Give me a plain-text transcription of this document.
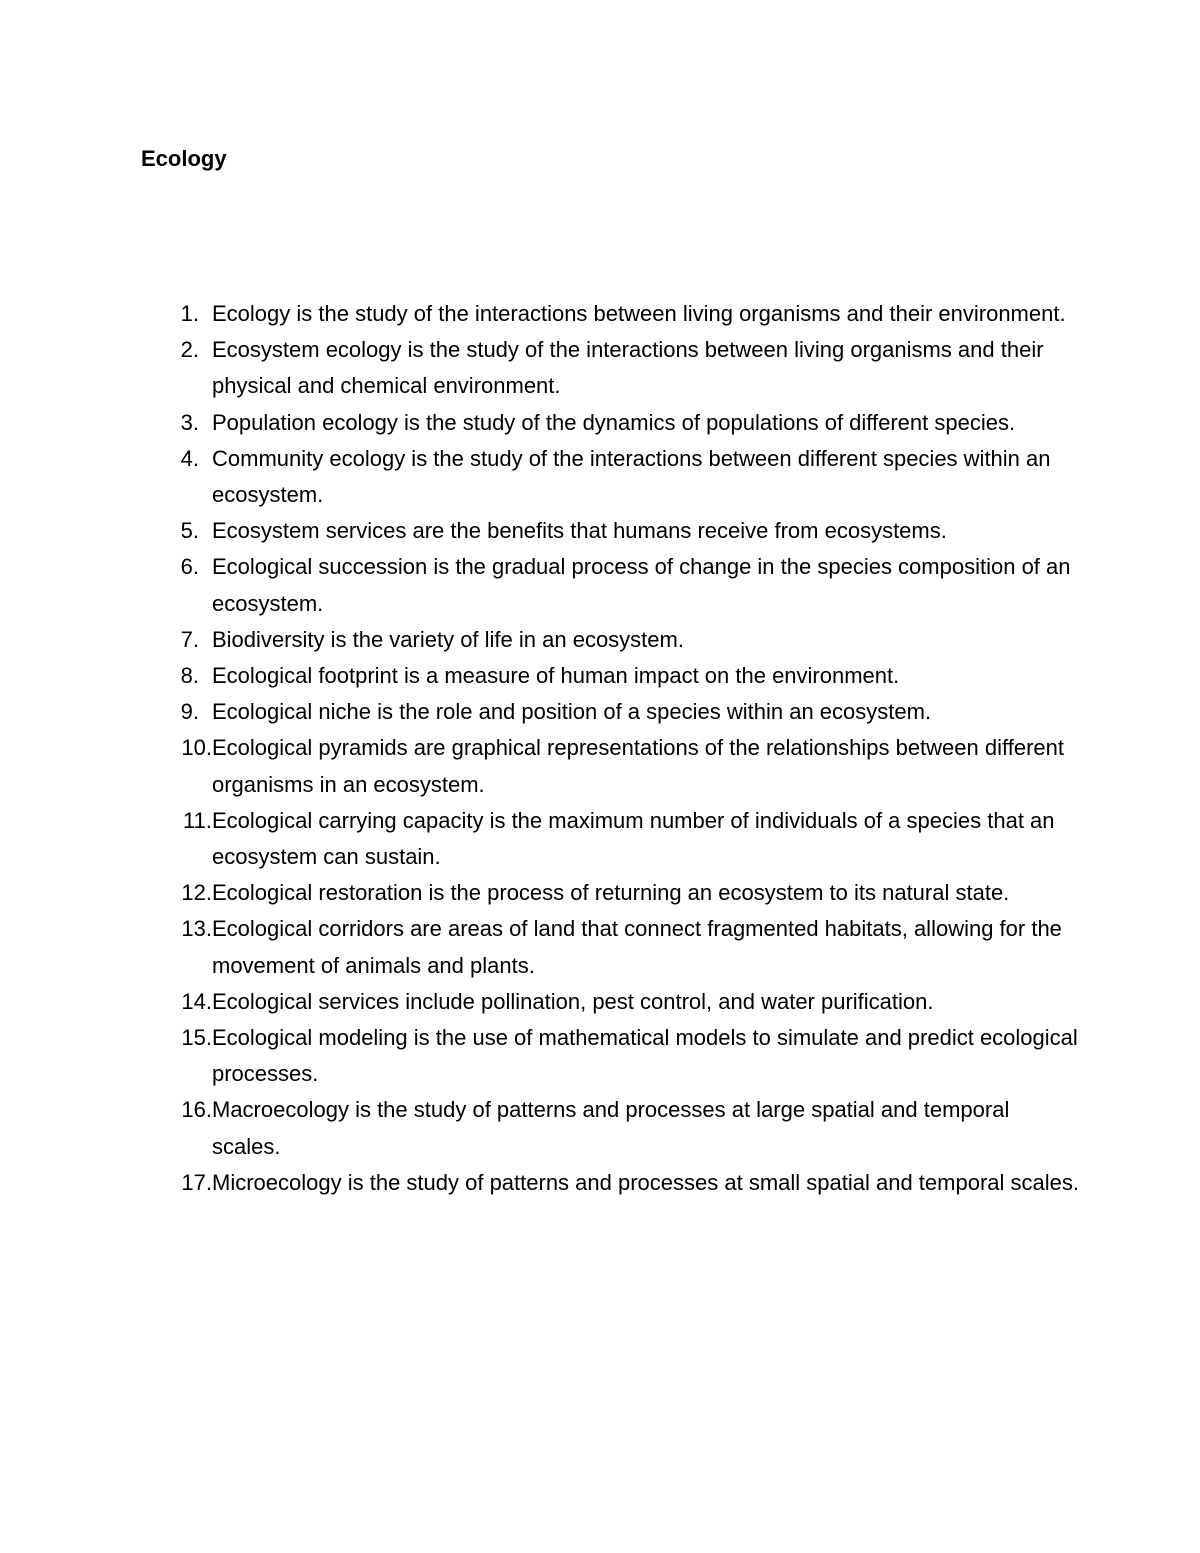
Ecology
1. Ecology is the study of the interactions between living organisms and their environment.
2. Ecosystem ecology is the study of the interactions between living organisms and their physical and chemical environment.
3. Population ecology is the study of the dynamics of populations of different species.
4. Community ecology is the study of the interactions between different species within an ecosystem.
5. Ecosystem services are the benefits that humans receive from ecosystems.
6. Ecological succession is the gradual process of change in the species composition of an ecosystem.
7. Biodiversity is the variety of life in an ecosystem.
8. Ecological footprint is a measure of human impact on the environment.
9. Ecological niche is the role and position of a species within an ecosystem.
10. Ecological pyramids are graphical representations of the relationships between different organisms in an ecosystem.
11. Ecological carrying capacity is the maximum number of individuals of a species that an ecosystem can sustain.
12. Ecological restoration is the process of returning an ecosystem to its natural state.
13. Ecological corridors are areas of land that connect fragmented habitats, allowing for the movement of animals and plants.
14. Ecological services include pollination, pest control, and water purification.
15. Ecological modeling is the use of mathematical models to simulate and predict ecological processes.
16. Macroecology is the study of patterns and processes at large spatial and temporal scales.
17. Microecology is the study of patterns and processes at small spatial and temporal scales.
